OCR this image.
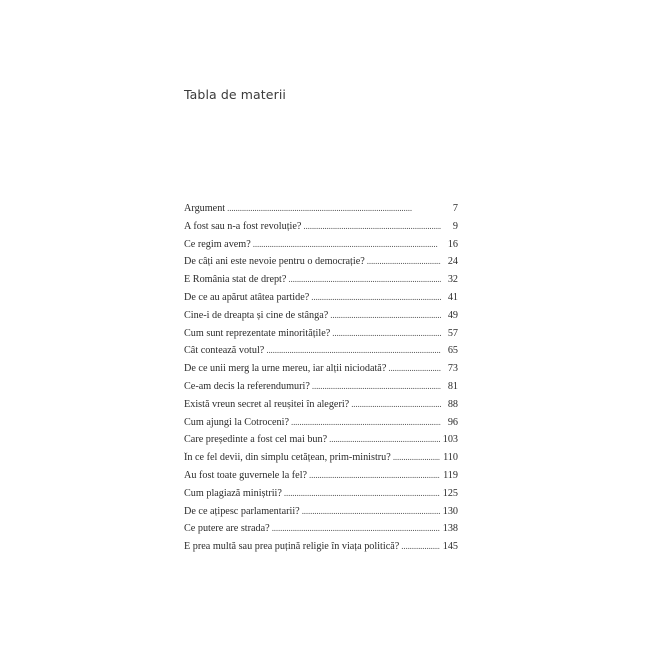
Tabla de materii
Argument . . .	7
A fost sau n-a fost revoluție? . . .	9
Ce regim avem? . . .	16
De câți ani este nevoie pentru o democrație? . . .	24
E România stat de drept? . . .	32
De ce au apărut atâtea partide? . . .	41
Cine-i de dreapta și cine de stânga? . . .	49
Cum sunt reprezentate minoritățile? . . .	57
Cât contează votul? . . .	65
De ce unii merg la urne mereu, iar alții niciodată? . . .	73
Ce-am decis la referendumuri? . . .	81
Există vreun secret al reușitei în alegeri? . . .	88
Cum ajungi la Cotroceni? . . .	96
Care președinte a fost cel mai bun? . . .	103
În ce fel devii, din simplu cetățean, prim-ministru? . . .	110
Au fost toate guvernele la fel? . . .	119
Cum plagiază miniștrii? . . .	125
De ce ațipesc parlamentarii? . . .	130
Ce putere are strada? . . .	138
E prea multă sau prea puțină religie în viața politică? . . .	145
